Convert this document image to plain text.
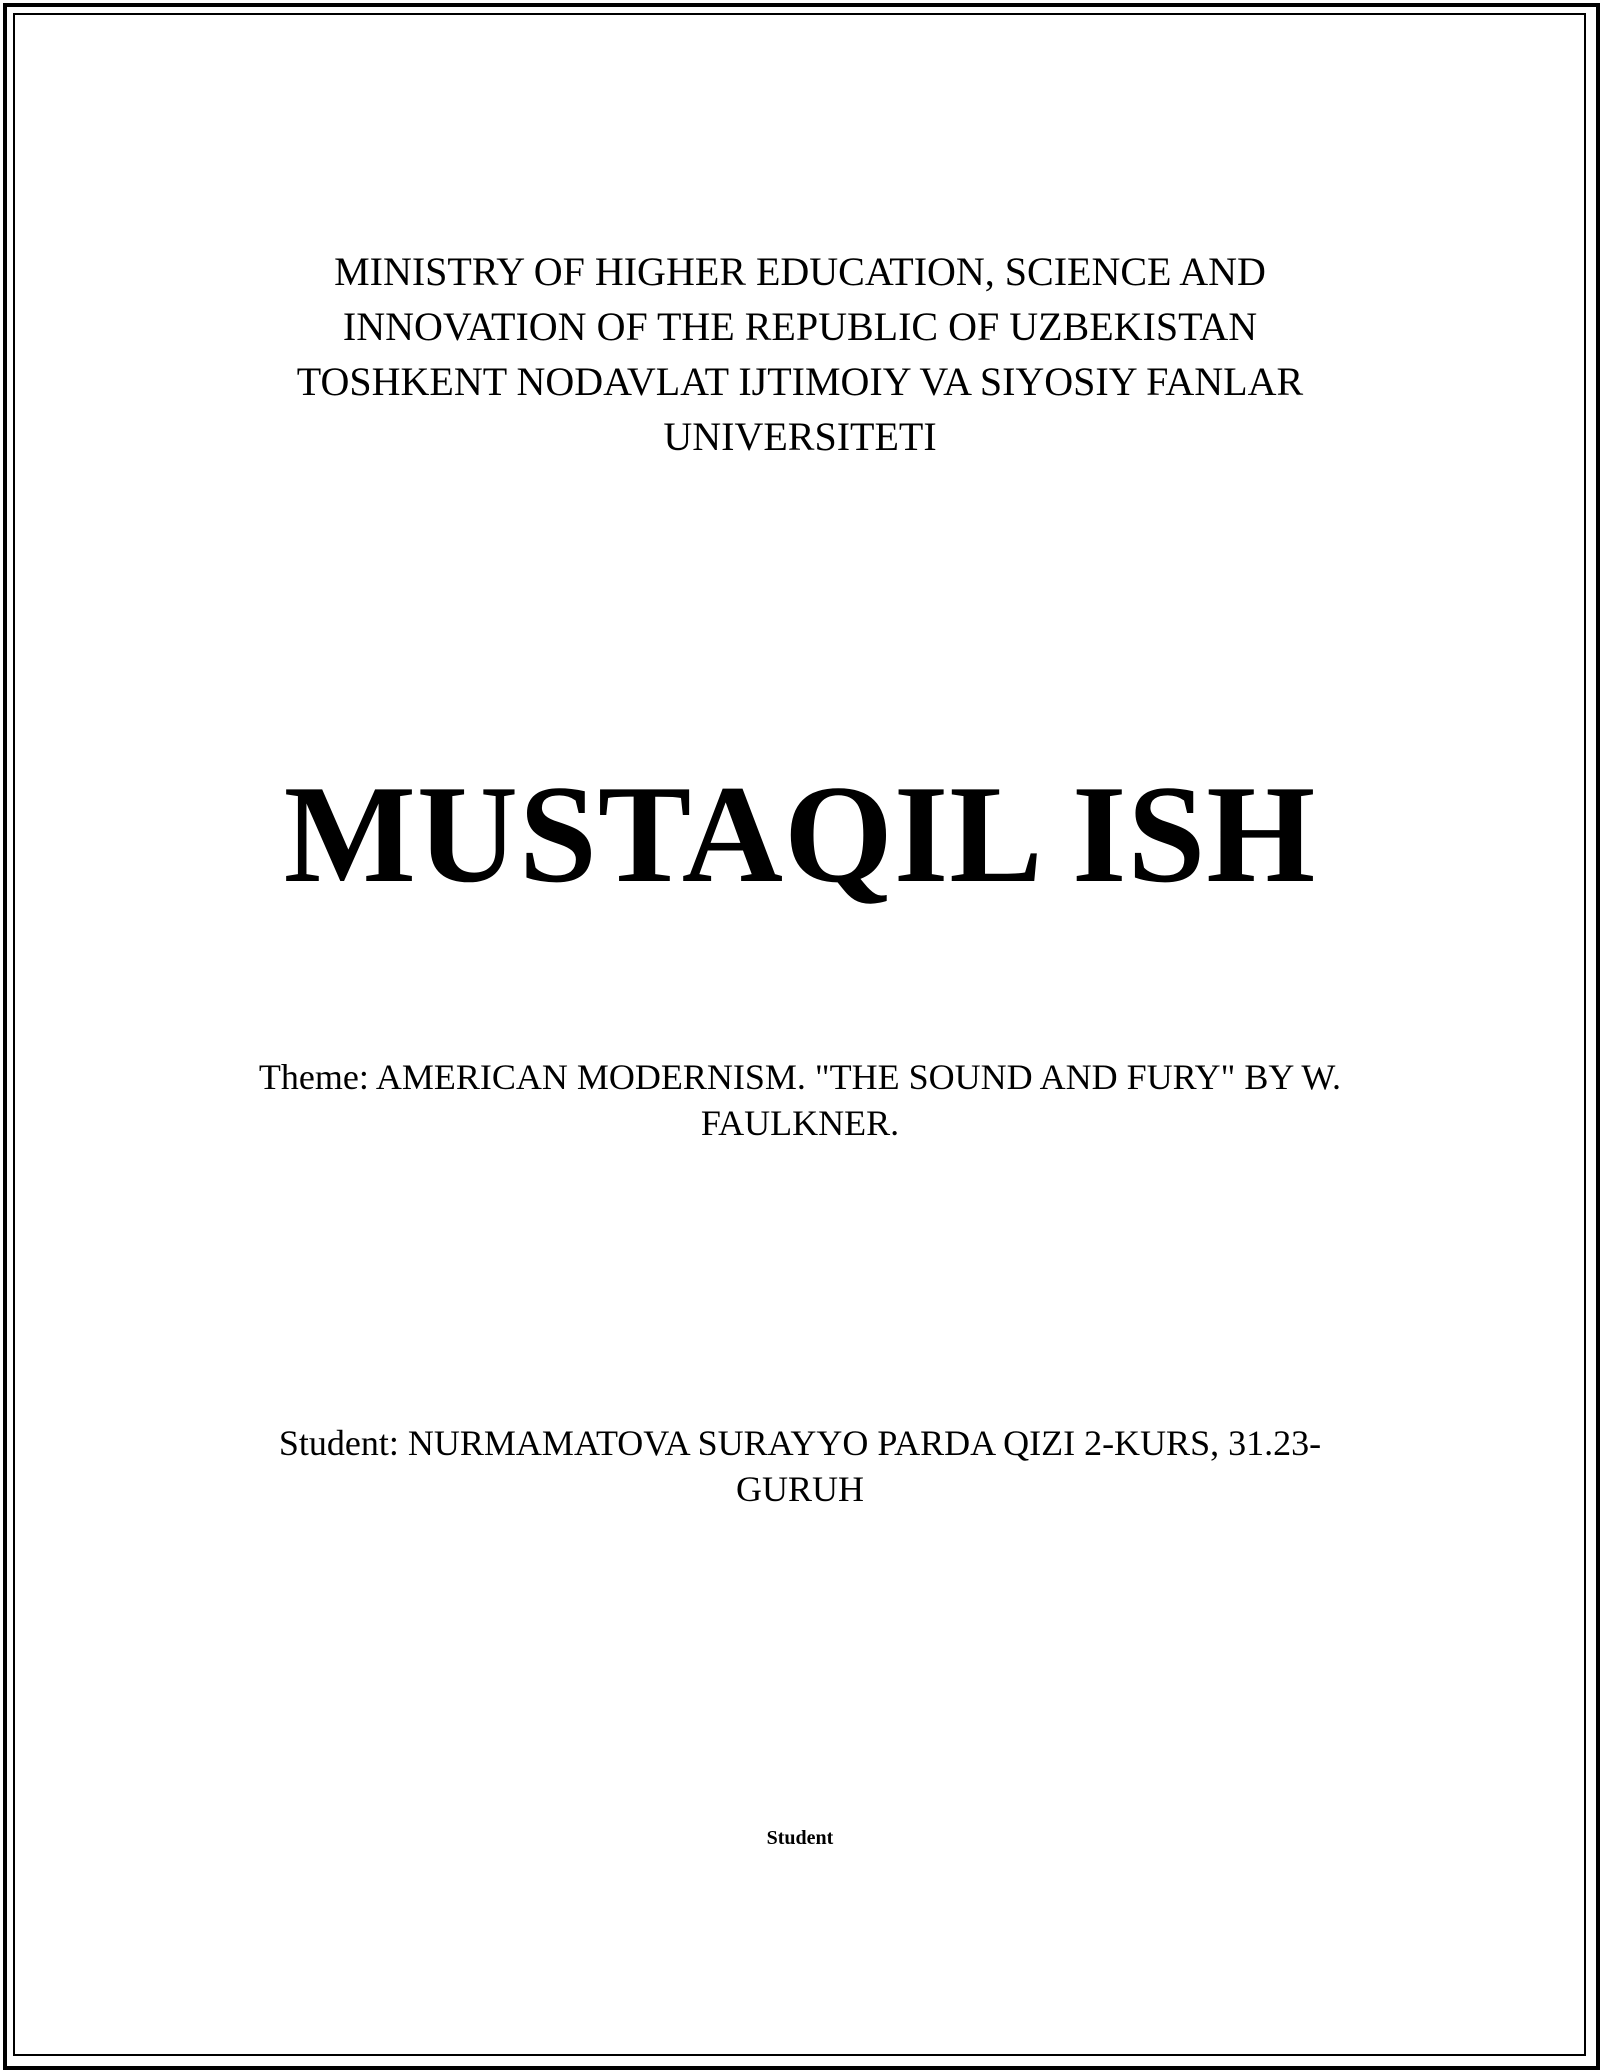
MINISTRY OF HIGHER EDUCATION, SCIENCE AND
INNOVATION OF THE REPUBLIC OF UZBEKISTAN
TOSHKENT NODAVLAT IJTIMOIY VA SIYOSIY FANLAR
UNIVERSITETI
MUSTAQIL ISH
Theme: AMERICAN MODERNISM. "THE SOUND AND FURY" BY W. FAULKNER.
Student: NURMAMATOVA SURAYYO PARDA QIZI 2-KURS, 31.23-GURUH
Student
